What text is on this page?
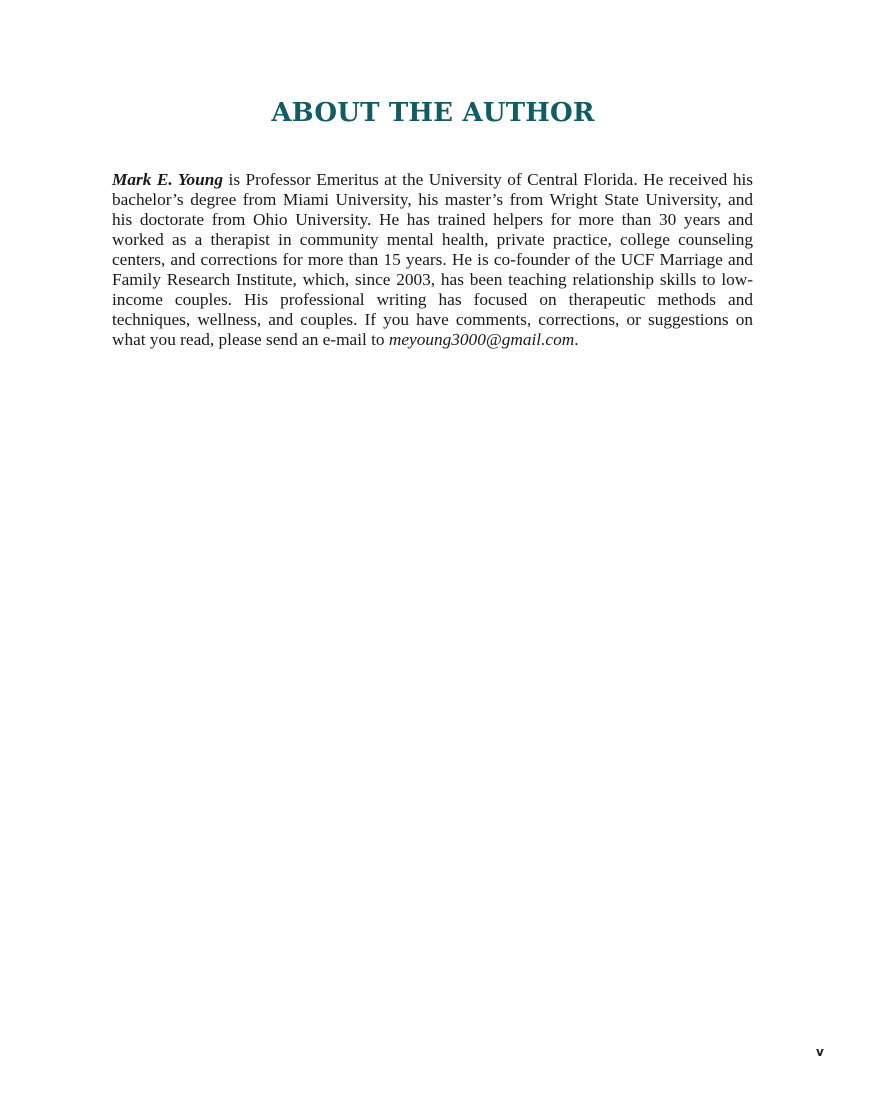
ABOUT THE AUTHOR

Mark E. Young is Professor Emeritus at the University of Central Florida. He received his bachelor’s degree from Miami University, his master’s from Wright State University, and his doctorate from Ohio University. He has trained helpers for more than 30 years and worked as a therapist in community mental health, private practice, college counseling centers, and corrections for more than 15 years. He is co-founder of the UCF Marriage and Family Research Institute, which, since 2003, has been teaching relationship skills to low-income couples. His professional writing has focused on therapeutic methods and techniques, wellness, and couples. If you have comments, corrections, or suggestions on what you read, please send an e-mail to meyoung3000@gmail.com.

v
